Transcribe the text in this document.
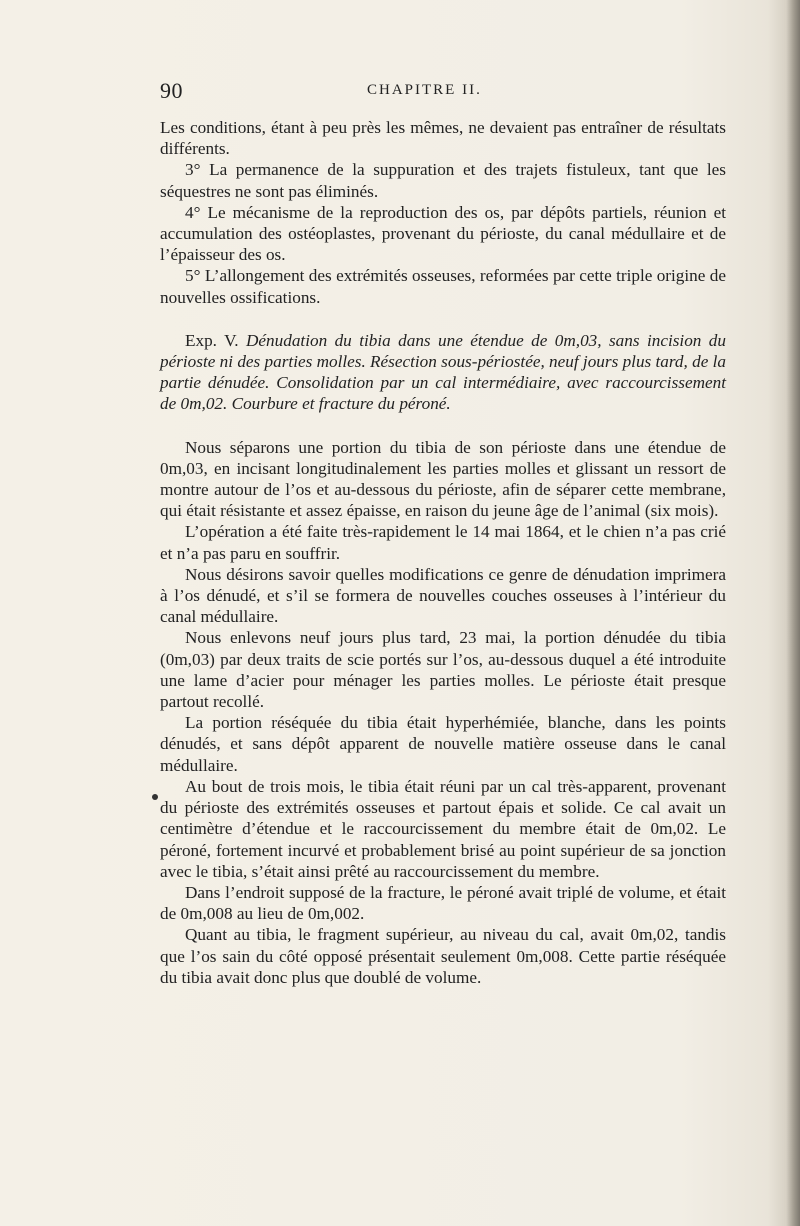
90	CHAPITRE II.

Les conditions, étant à peu près les mêmes, ne devaient pas entraîner de résultats différents.

3° La permanence de la suppuration et des trajets fistuleux, tant que les séquestres ne sont pas éliminés.

4° Le mécanisme de la reproduction des os, par dépôts partiels, réunion et accumulation des ostéoplastes, provenant du périoste, du canal médullaire et de l’épaisseur des os.

5° L’allongement des extrémités osseuses, reformées par cette triple origine de nouvelles ossifications.

Exp. V. Dénudation du tibia dans une étendue de 0m,03, sans incision du périoste ni des parties molles. Résection sous-périostée, neuf jours plus tard, de la partie dénudée. Consolidation par un cal intermédiaire, avec raccourcissement de 0m,02. Courbure et fracture du péroné.

Nous séparons une portion du tibia de son périoste dans une étendue de 0m,03, en incisant longitudinalement les parties molles et glissant un ressort de montre autour de l’os et au-dessous du périoste, afin de séparer cette membrane, qui était résistante et assez épaisse, en raison du jeune âge de l’animal (six mois).

L’opération a été faite très-rapidement le 14 mai 1864, et le chien n’a pas crié et n’a pas paru en souffrir.

Nous désirons savoir quelles modifications ce genre de dénudation imprimera à l’os dénudé, et s’il se formera de nouvelles couches osseuses à l’intérieur du canal médullaire.

Nous enlevons neuf jours plus tard, 23 mai, la portion dénudée du tibia (0m,03) par deux traits de scie portés sur l’os, au-dessous duquel a été introduite une lame d’acier pour ménager les parties molles. Le périoste était presque partout recollé.

La portion réséquée du tibia était hyperhémiée, blanche, dans les points dénudés, et sans dépôt apparent de nouvelle matière osseuse dans le canal médullaire.

Au bout de trois mois, le tibia était réuni par un cal très-apparent, provenant du périoste des extrémités osseuses et partout épais et solide. Ce cal avait un centimètre d’étendue et le raccourcissement du membre était de 0m,02. Le péroné, fortement incurvé et probablement brisé au point supérieur de sa jonction avec le tibia, s’était ainsi prêté au raccourcissement du membre.

Dans l’endroit supposé de la fracture, le péroné avait triplé de volume, et était de 0m,008 au lieu de 0m,002.

Quant au tibia, le fragment supérieur, au niveau du cal, avait 0m,02, tandis que l’os sain du côté opposé présentait seulement 0m,008. Cette partie réséquée du tibia avait donc plus que doublé de volume.
